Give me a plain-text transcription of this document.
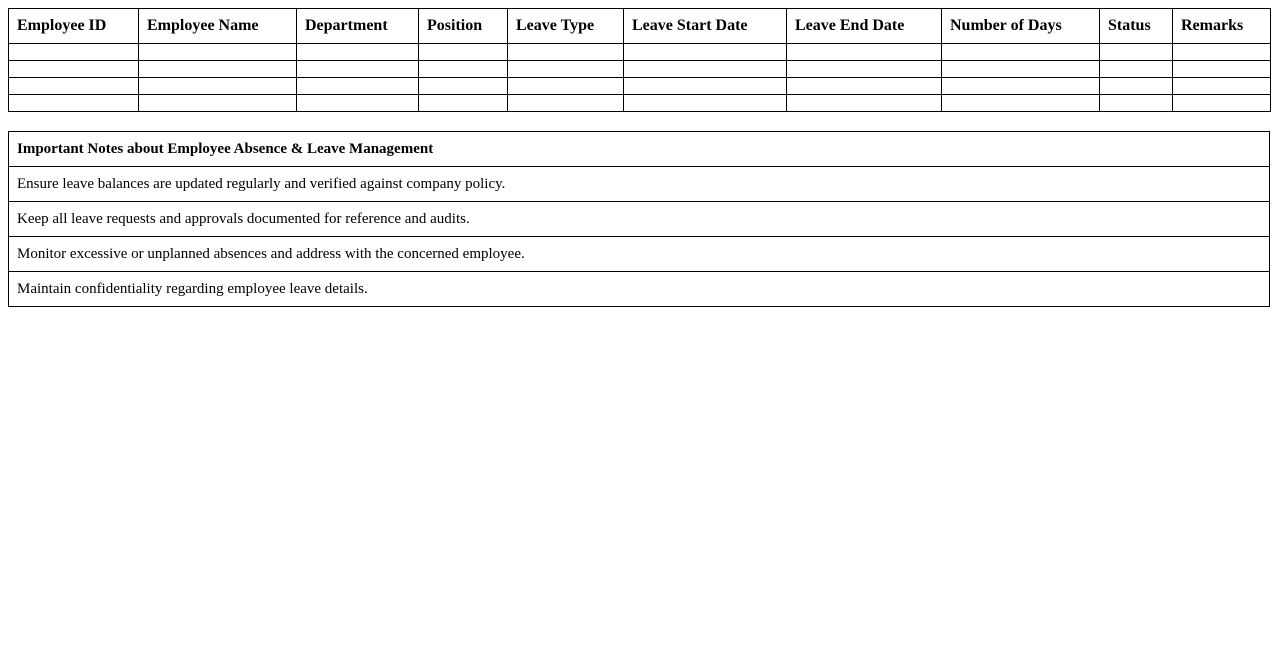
Employee ID	Employee Name	Department	Position	Leave Type	Leave Start Date	Leave End Date	Number of Days	Status	Remarks

Important Notes about Employee Absence & Leave Management
Ensure leave balances are updated regularly and verified against company policy.
Keep all leave requests and approvals documented for reference and audits.
Monitor excessive or unplanned absences and address with the concerned employee.
Maintain confidentiality regarding employee leave details.
